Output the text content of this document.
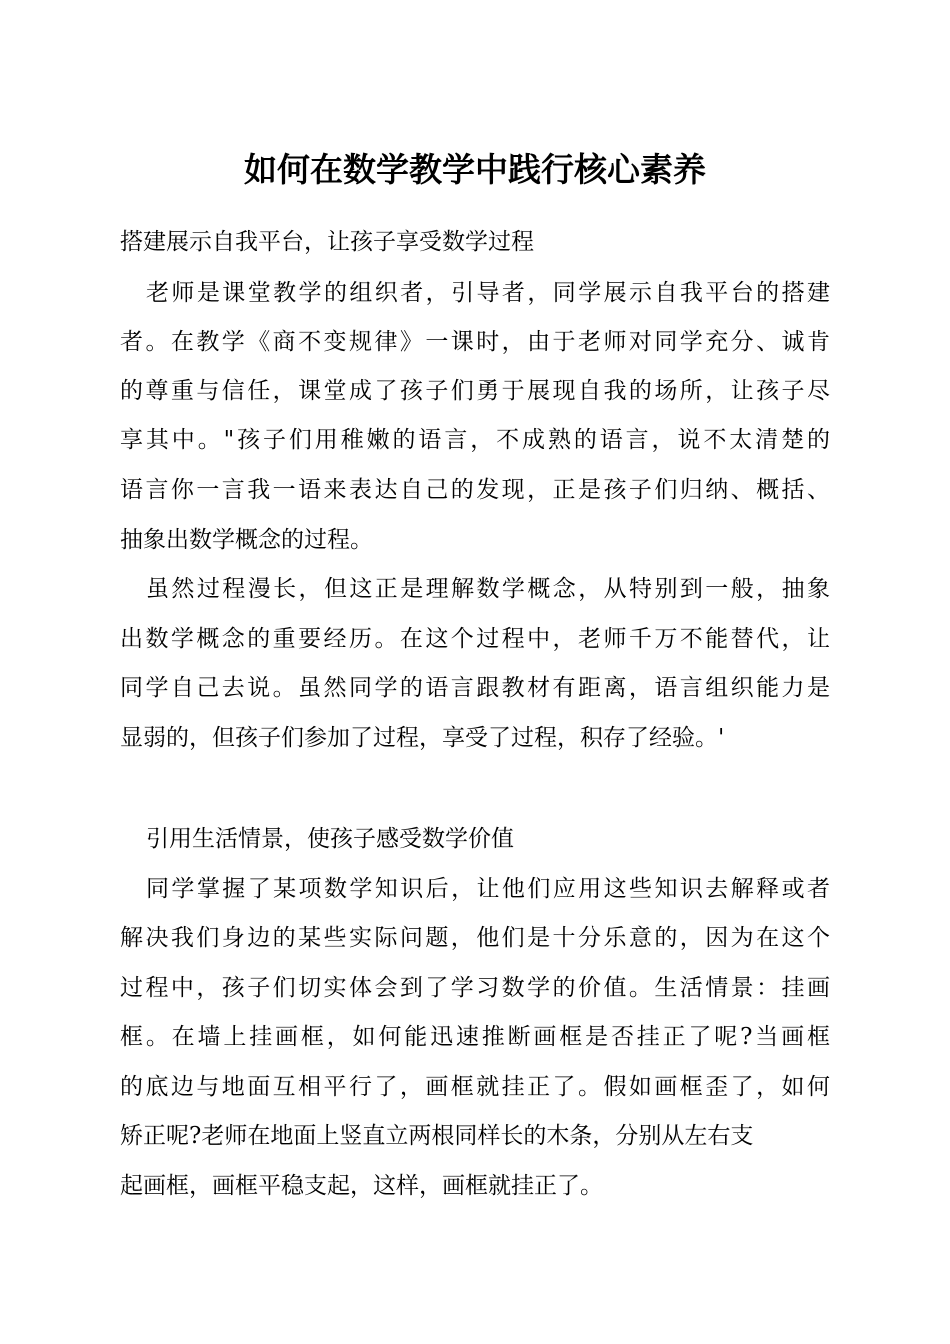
如何在数学教学中践行核心素养
搭建展示自我平台，让孩子享受数学过程
老师是课堂教学的组织者，引导者，同学展示自我平台的搭建
者。在教学《商不变规律》一课时，由于老师对同学充分、诚肯
的尊重与信任，课堂成了孩子们勇于展现自我的场所，让孩子尽
享其中。"孩子们用稚嫩的语言，不成熟的语言，说不太清楚的
语言你一言我一语来表达自己的发现，正是孩子们归纳、概括、
抽象出数学概念的过程。
虽然过程漫长，但这正是理解数学概念，从特别到一般，抽象
出数学概念的重要经历。在这个过程中，老师千万不能替代，让
同学自己去说。虽然同学的语言跟教材有距离，语言组织能力是
显弱的，但孩子们参加了过程，享受了过程，积存了经验。'
引用生活情景，使孩子感受数学价值
同学掌握了某项数学知识后，让他们应用这些知识去解释或者
解决我们身边的某些实际问题，他们是十分乐意的，因为在这个
过程中，孩子们切实体会到了学习数学的价值。生活情景：挂画
框。在墙上挂画框，如何能迅速推断画框是否挂正了呢?当画框
的底边与地面互相平行了，画框就挂正了。假如画框歪了，如何
矫正呢?老师在地面上竖直立两根同样长的木条，分别从左右支
起画框，画框平稳支起，这样，画框就挂正了。
